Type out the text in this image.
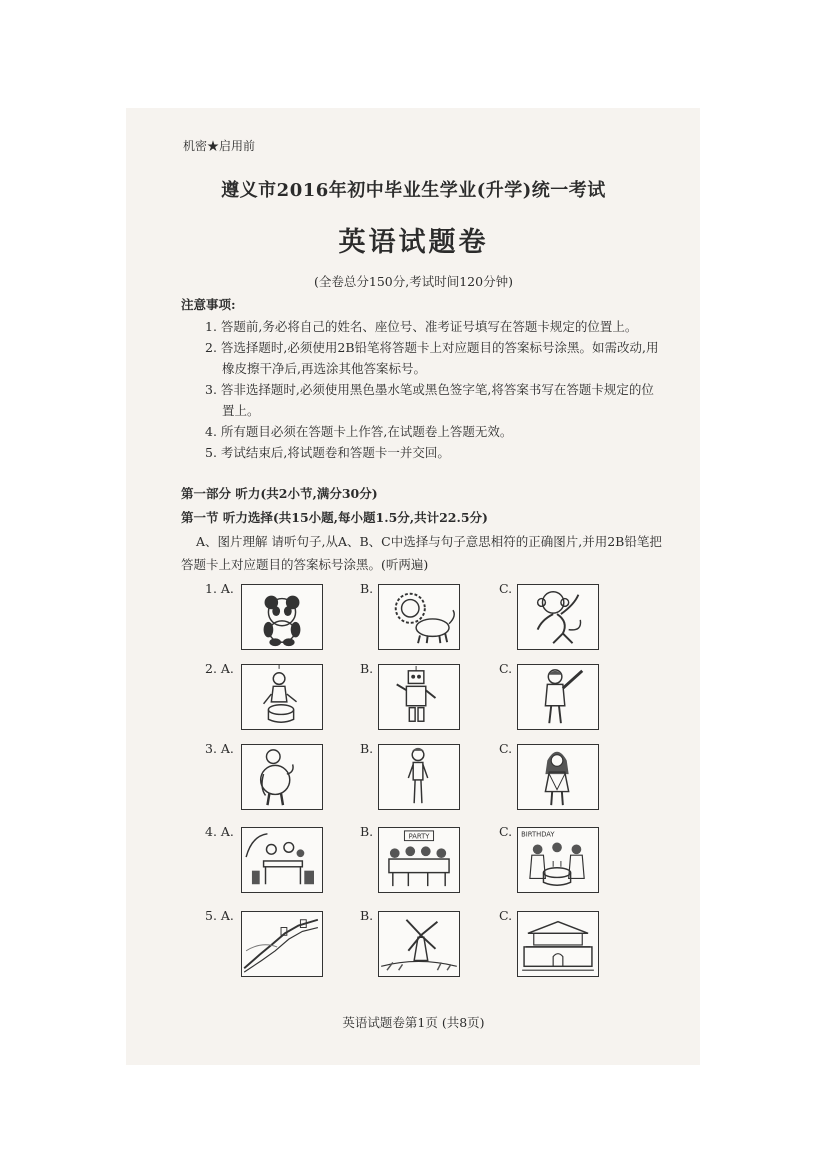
机密★启用前
遵义市2016年初中毕业生学业(升学)统一考试
英语试题卷
(全卷总分150分,考试时间120分钟)
注意事项:
1. 答题前,务必将自己的姓名、座位号、准考证号填写在答题卡规定的位置上。
2. 答选择题时,必须使用2B铅笔将答题卡上对应题目的答案标号涂黑。如需改动,用
橡皮擦干净后,再选涂其他答案标号。
3. 答非选择题时,必须使用黑色墨水笔或黑色签字笔,将答案书写在答题卡规定的位
置上。
4. 所有题目必须在答题卡上作答,在试题卷上答题无效。
5. 考试结束后,将试题卷和答题卡一并交回。
第一部分 听力(共2小节,满分30分)
第一节 听力选择(共15小题,每小题1.5分,共计22.5分)
A、图片理解 请听句子,从A、B、C中选择与句子意思相符的正确图片,并用2B铅笔把
答题卡上对应题目的答案标号涂黑。(听两遍)
1. A.	B.	C.
2. A.	B.	C.
3. A.	B.	C.
4. A.	B.	C.
PARTY	BIRTHDAY
5. A.	B.	C.
英语试题卷第1页 (共8页)
